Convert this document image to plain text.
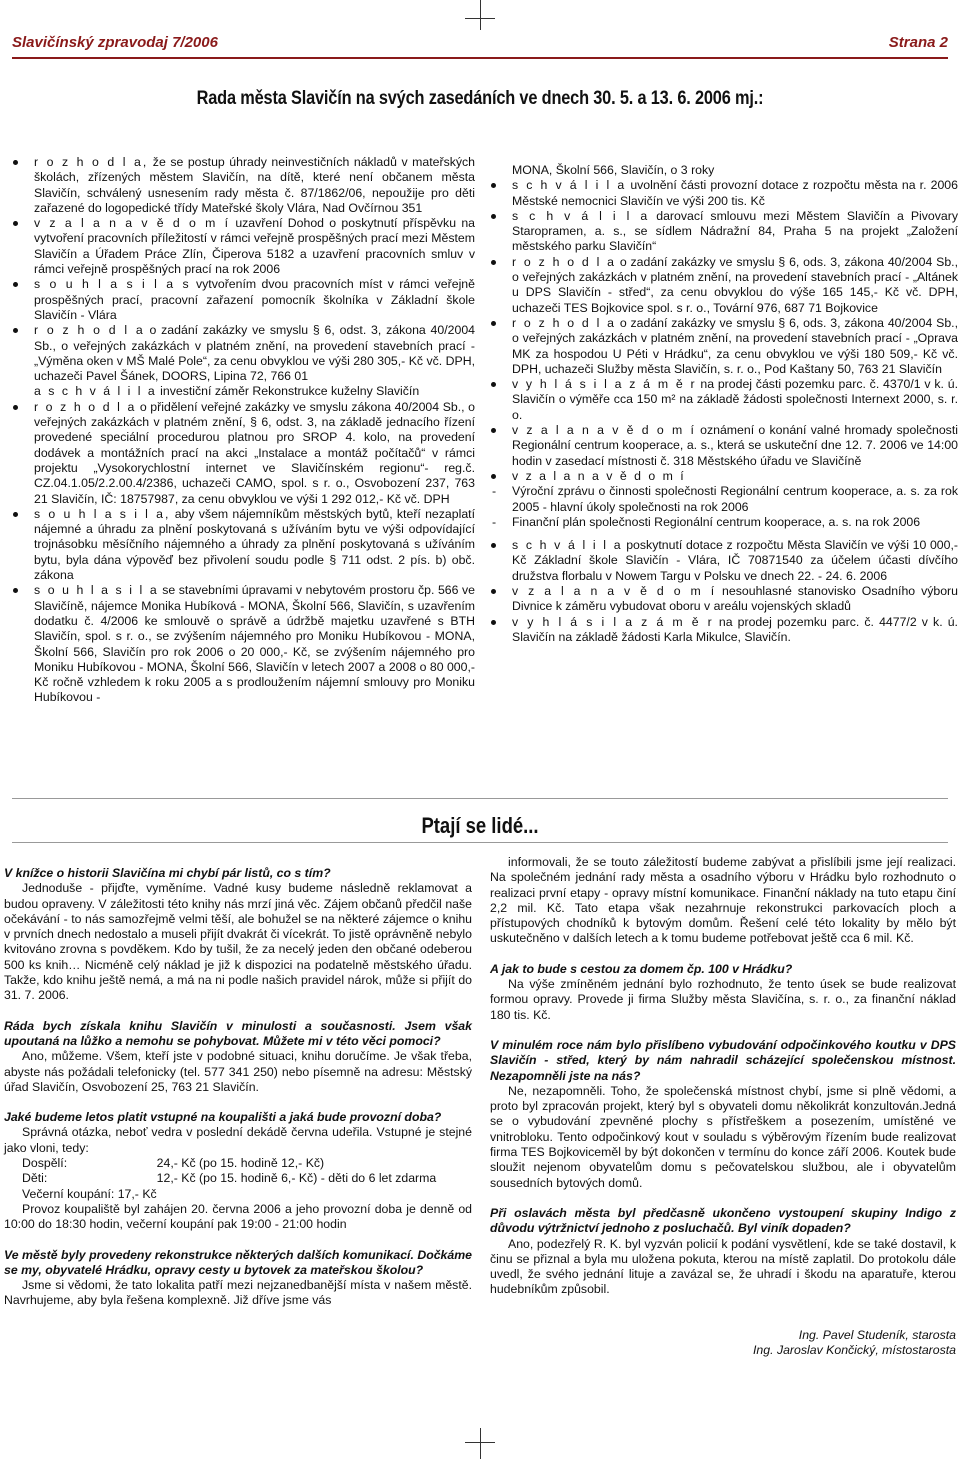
Slavičínský zpravodaj 7/2006	Strana 2
Rada města Slavičín na svých zasedáních ve dnech 30. 5. a 13. 6. 2006 mj.:

r o z h o d l a, že se postup úhrady neinvestičních nákladů v mateřských školách, zřízených městem Slavičín, na dítě, které není občanem města Slavičín, schválený usnesením rady města č. 87/1862/06, nepoužije pro děti zařazené do logopedické třídy Mateřské školy Vlára, Nad Ovčírnou 351

v z a l a n a v ě d o m í uzavření Dohod o poskytnutí příspěvku na vytvoření pracovních příležitostí v rámci veřejně prospěšných prací mezi Městem Slavičín a Úřadem Práce Zlín, Čiperova 5182 a uzavření pracovních smluv v rámci veřejně prospěšných prací na rok 2006

s o u h l a s i l a s vytvořením dvou pracovních míst v rámci veřejně prospěšných prací, pracovní zařazení pomocník školníka v Základní škole Slavičín - Vlára

r o z h o d l a o zadání zakázky ve smyslu § 6, odst. 3, zákona 40/2004 Sb., o veřejných zakázkách v platném znění, na provedení stavebních prací - „Výměna oken v MŠ Malé Pole“, za cenu obvyklou ve výši 280 305,- Kč vč. DPH, uchazeči Pavel Šánek, DOORS, Lipina 72, 766 01

a s c h v á l i l a investiční záměr Rekonstrukce kuželny Slavičín

r o z h o d l a o přidělení veřejné zakázky ve smyslu zákona 40/2004 Sb., o veřejných zakázkách v platném znění, § 6, odst. 3, na základě jednacího řízení provedené speciální procedurou platnou pro SROP 4. kolo, na provedení dodávek a montážních prací na akci „Instalace a montáž počítačů“ v rámci projektu „Vysokorychlostní internet ve Slavičínském regionu“- reg.č. CZ.04.1.05/2.2.00.4/2386, uchazeči CAMO, spol. s r. o., Osvobození 237, 763 21 Slavičín, IČ: 18757987, za cenu obvyklou ve výši 1 292 012,- Kč vč. DPH

s o u h l a s i l a, aby všem nájemníkům městských bytů, kteří nezaplatí nájemné a úhradu za plnění poskytovaná s užíváním bytu ve výši odpovídající trojnásobku měsíčního nájemného a úhrady za plnění poskytovaná s užíváním bytu, byla dána výpověď bez přivolení soudu podle § 711 odst. 2 pís. b) obč. zákona

s o u h l a s i l a se stavebními úpravami v nebytovém prostoru čp. 566 ve Slavičíně, nájemce Monika Hubíková - MONA, Školní 566, Slavičín, s uzavřením dodatku č. 4/2006 ke smlouvě o správě a údržbě majetku uzavřené s BTH Slavičín, spol. s r. o., se zvýšením nájemného pro Moniku Hubíkovou - MONA, Školní 566, Slavičín pro rok 2006 o 20 000,- Kč, se zvýšením nájemného pro Moniku Hubíkovou - MONA, Školní 566, Slavičín v letech 2007 a 2008 o 80 000,- Kč ročně vzhledem k roku 2005 a s prodloužením nájemní smlouvy pro Moniku Hubíkovou -

MONA, Školní 566, Slavičín, o 3 roky

s c h v á l i l a uvolnění části provozní dotace z rozpočtu města na r. 2006 Městské nemocnici Slavičín ve výši 200 tis. Kč

s c h v á l i l a darovací smlouvu mezi Městem Slavičín a Pivovary Staropramen, a. s., se sídlem Nádražní 84, Praha 5 na projekt „Založení městského parku Slavičín“

r o z h o d l a o zadání zakázky ve smyslu § 6, ods. 3, zákona 40/2004 Sb., o veřejných zakázkách v platném znění, na provedení stavebních prací - „Altánek u DPS Slavičín - střed“, za cenu obvyklou do výše 165 145,- Kč vč. DPH, uchazeči TES Bojkovice spol. s r. o., Tovární 976, 687 71 Bojkovice

r o z h o d l a o zadání zakázky ve smyslu § 6, ods. 3, zákona 40/2004 Sb., o veřejných zakázkách v platném znění, na provedení stavebních prací - „Oprava MK za hospodou U Péti v Hrádku“, za cenu obvyklou ve výši 180 509,- Kč vč. DPH, uchazeči Služby města Slavičín, s. r. o., Pod Kaštany 50, 763 21 Slavičín

v y h l á s i l a z á m ě r na prodej části pozemku parc. č. 4370/1 v k. ú. Slavičín o výměře cca 150 m² na základě žádosti společnosti Internext 2000, s. r. o.

v z a l a n a v ě d o m í oznámení o konání valné hromady společnosti Regionální centrum kooperace, a. s., která se uskuteční dne 12. 7. 2006 ve 14:00 hodin v zasedací místnosti č. 318 Městského úřadu ve Slavičíně

v z a l a n a v ě d o m í

- Výroční zprávu o činnosti společnosti Regionální centrum kooperace, a. s. za rok 2005 - hlavní úkoly společnosti na rok 2006

- Finanční plán společnosti Regionální centrum kooperace, a. s. na rok 2006

s c h v á l i l a poskytnutí dotace z rozpočtu Města Slavičín ve výši 10 000,- Kč Základní škole Slavičín - Vlára, IČ 70871540 za účelem účasti dívčího družstva florbalu v Nowem Targu v Polsku ve dnech 22. - 24. 6. 2006

v z a l a n a v ě d o m í nesouhlasné stanovisko Osadního výboru Divnice k záměru vybudovat oboru v areálu vojenských skladů

v y h l á s i l a z á m ě r na prodej pozemku parc. č. 4477/2 v k. ú. Slavičín na základě žádosti Karla Mikulce, Slavičín.

Ptají se lidé...

V knížce o historii Slavičína mi chybí pár listů, co s tím?

Jednoduše - přijďte, vyměníme. Vadné kusy budeme následně reklamovat a budou opraveny. V záležitosti této knihy nás mrzí jiná věc. Zájem občanů předčil naše očekávání - to nás samozřejmě velmi těší, ale bohužel se na některé zájemce o knihu v prvních dnech nedostalo a museli přijít dvakrát či vícekrát. To jistě oprávněně nebylo kvitováno zrovna s povděkem. Kdo by tušil, že za necelý jeden den občané odeberou 500 ks knih… Nicméně celý náklad je již k dispozici na podatelně městského úřadu. Takže, kdo knihu ještě nemá, a má na ni podle našich pravidel nárok, může si přijít do 31. 7. 2006.

Ráda bych získala knihu Slavičín v minulosti a současnosti. Jsem však upoutaná na lůžko a nemohu se pohybovat. Můžete mi v této věci pomoci?

Ano, můžeme. Všem, kteří jste v podobné situaci, knihu doručíme. Je však třeba, abyste nás požádali telefonicky (tel. 577 341 250) nebo písemně na adresu: Městský úřad Slavičín, Osvobození 25, 763 21 Slavičín.

Jaké budeme letos platit vstupné na koupališti a jaká bude provozní doba?

Správná otázka, neboť vedra v poslední dekádě června udeřila. Vstupné je stejné jako vloni, tedy:

Dospělí:	24,- Kč (po 15. hodině 12,- Kč)
Děti:	12,- Kč (po 15. hodině 6,- Kč) - děti do 6 let zdarma
Večerní koupání: 17,- Kč	

Provoz koupaliště byl zahájen 20. června 2006 a jeho provozní doba je denně od 10:00 do 18:30 hodin, večerní koupání pak 19:00 - 21:00 hodin

Ve městě byly provedeny rekonstrukce některých dalších komunikací. Dočkáme se my, obyvatelé Hrádku, opravy cesty u bytovek za mateřskou školou?

Jsme si vědomi, že tato lokalita patří mezi nejzanedbanější místa v našem městě. Navrhujeme, aby byla řešena komplexně. Již dříve jsme vás

informovali, že se touto záležitostí budeme zabývat a přislíbili jsme její realizaci. Na společném jednání rady města a osadního výboru v Hrádku bylo rozhodnuto o realizaci první etapy - opravy místní komunikace. Finanční náklady na tuto etapu činí 2,2 mil. Kč. Tato etapa však nezahrnuje rekonstrukci parkovacích ploch a přístupových chodníků k bytovým domům. Řešení celé této lokality by mělo být uskutečněno v dalších letech a k tomu budeme potřebovat ještě cca 6 mil. Kč.

A jak to bude s cestou za domem čp. 100 v Hrádku?

Na výše zmíněném jednání bylo rozhodnuto, že tento úsek se bude realizovat formou opravy. Provede ji firma Služby města Slavičína, s. r. o., za finanční náklad 180 tis. Kč.

V minulém roce nám bylo přislíbeno vybudování odpočinkového koutku v DPS Slavičín - střed, který by nám nahradil scházející společenskou místnost. Nezapomněli jste na nás?

Ne, nezapomněli. Toho, že společenská místnost chybí, jsme si plně vědomi, a proto byl zpracován projekt, který byl s obyvateli domu několikrát konzultován.Jedná se o vybudování zpevněné plochy s přístřeškem a posezením, umístěné ve vnitrobloku. Tento odpočinkový kout v souladu s výběrovým řízením bude realizovat firma TES Bojkoviceměl by být dokončen v termínu do konce září 2006. Koutek bude sloužit nejenom obyvatelům domu s pečovatelskou službou, ale i obyvatelům sousedních bytových domů.

Při oslavách města byl předčasně ukončeno vystoupení skupiny Indigo z důvodu výtržnictví jednoho z posluchačů. Byl viník dopaden?

Ano, podezřelý R. K. byl vyzván policií k podání vysvětlení, kde se také dostavil, k činu se přiznal a byla mu uložena pokuta, kterou na místě zaplatil. Do protokolu dále uvedl, že svého jednání lituje a zavázal se, že uhradí i škodu na aparatuře, kterou hudebníkům způsobil.

Ing. Pavel Studeník, starosta

Ing. Jaroslav Končický, místostarosta
